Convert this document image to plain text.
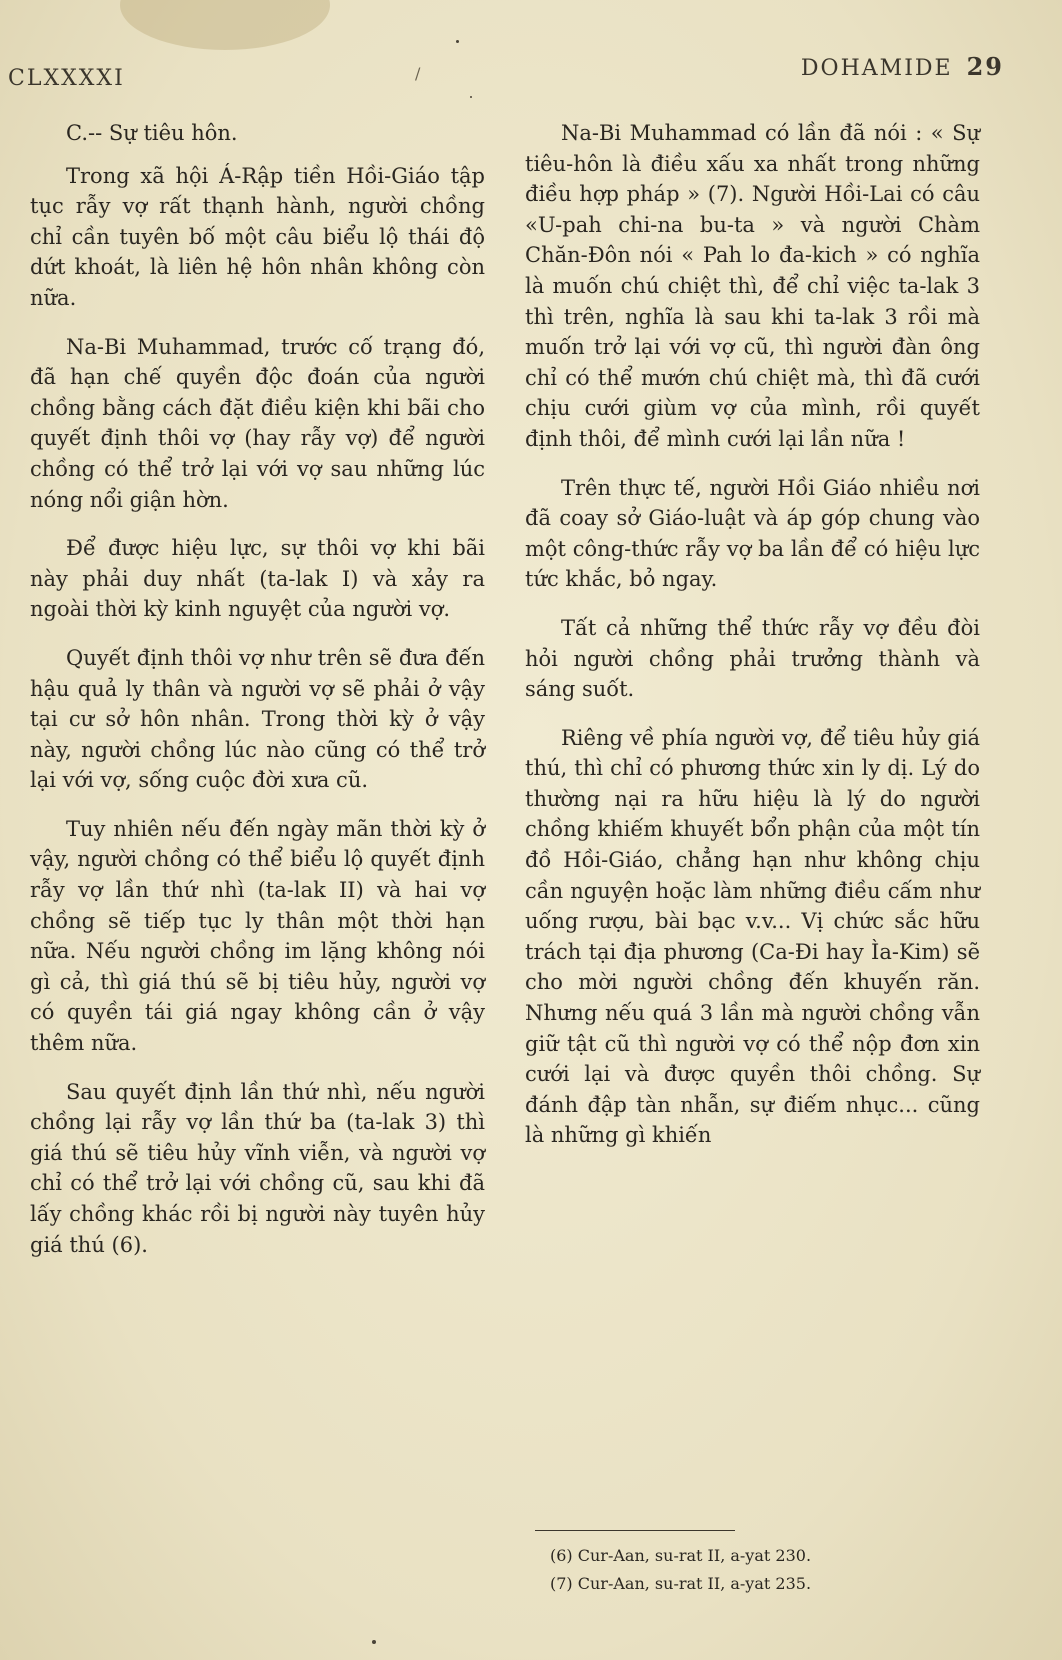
CLXXXXI	/	DOHAMIDE 29
C.-- Sự tiêu hôn.

Trong xã hội Á-Rập tiền Hồi-Giáo tập tục rẫy vợ rất thạnh hành, người chồng chỉ cần tuyên bố một câu biểu lộ thái độ dứt khoát, là liên hệ hôn nhân không còn nữa.

Na-Bi Muhammad, trước cố trạng đó, đã hạn chế quyền độc đoán của người chồng bằng cách đặt điều kiện khi bãi cho quyết định thôi vợ (hay rẫy vợ) để người chồng có thể trở lại với vợ sau những lúc nóng nổi giận hờn.

Để được hiệu lực, sự thôi vợ khi bãi này phải duy nhất (ta-lak I) và xảy ra ngoài thời kỳ kinh nguyệt của người vợ.

Quyết định thôi vợ như trên sẽ đưa đến hậu quả ly thân và người vợ sẽ phải ở vậy tại cư sở hôn nhân. Trong thời kỳ ở vậy này, người chồng lúc nào cũng có thể trở lại với vợ, sống cuộc đời xưa cũ.

Tuy nhiên nếu đến ngày mãn thời kỳ ở vậy, người chồng có thể biểu lộ quyết định rẫy vợ lần thứ nhì (ta-lak II) và hai vợ chồng sẽ tiếp tục ly thân một thời hạn nữa. Nếu người chồng im lặng không nói gì cả, thì giá thú sẽ bị tiêu hủy, người vợ có quyền tái giá ngay không cần ở vậy thêm nữa.

Sau quyết định lần thứ nhì, nếu người chồng lại rẫy vợ lần thứ ba (ta-lak 3) thì giá thú sẽ tiêu hủy vĩnh viễn, và người vợ chỉ có thể trở lại với chồng cũ, sau khi đã lấy chồng khác rồi bị người này tuyên hủy giá thú (6).

Na-Bi Muhammad có lần đã nói : « Sự tiêu-hôn là điều xấu xa nhất trong những điều hợp pháp » (7). Người Hồi-Lai có câu «U-pah chi-na bu-ta » và người Chàm Chăn-Đôn nói « Pah lo đa-kich » có nghĩa là muốn chú chiệt thì, để chỉ việc ta-lak 3 thì trên, nghĩa là sau khi ta-lak 3 rồi mà muốn trở lại với vợ cũ, thì người đàn ông chỉ có thể mướn chú chiệt mà, thì đã cưới chịu cưới giùm vợ của mình, rồi quyết định thôi, để mình cưới lại lần nữa !

Trên thực tế, người Hồi Giáo nhiều nơi đã coay sở Giáo-luật và áp góp chung vào một công-thức rẫy vợ ba lần để có hiệu lực tức khắc, bỏ ngay.

Tất cả những thể thức rẫy vợ đều đòi hỏi người chồng phải trưởng thành và sáng suốt.

Riêng về phía người vợ, để tiêu hủy giá thú, thì chỉ có phương thức xin ly dị. Lý do thường nại ra hữu hiệu là lý do người chồng khiếm khuyết bổn phận của một tín đồ Hồi-Giáo, chẳng hạn như không chịu cần nguyện hoặc làm những điều cấm như uống rượu, bài bạc v.v... Vị chức sắc hữu trách tại địa phương (Ca-Đi hay Ìa-Kim) sẽ cho mời người chồng đến khuyến răn. Nhưng nếu quá 3 lần mà người chồng vẫn giữ tật cũ thì người vợ có thể nộp đơn xin cưới lại và được quyền thôi chồng. Sự đánh đập tàn nhẫn, sự điếm nhục... cũng là những gì khiến

(6) Cur-Aan, su-rat II, a-yat 230.
(7) Cur-Aan, su-rat II, a-yat 235.
